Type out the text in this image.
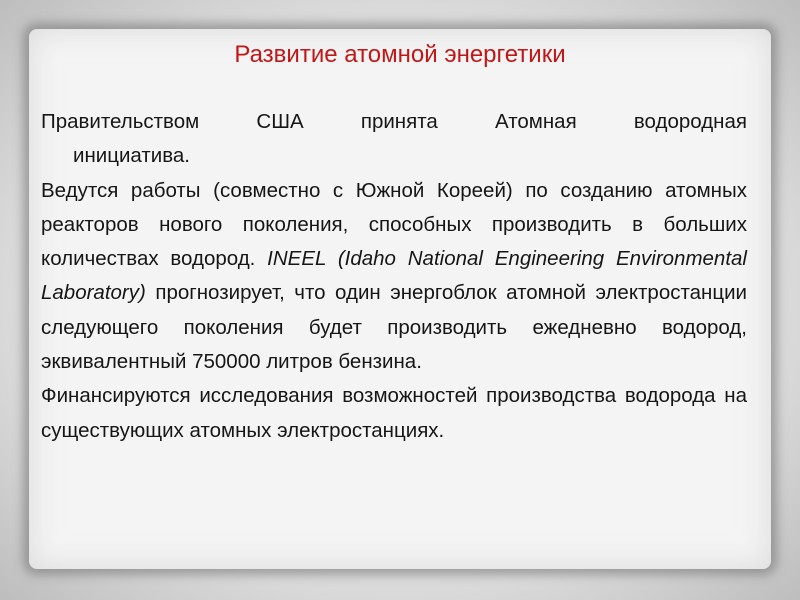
Развитие атомной энергетики
Правительством США принята Атомная водородная
инициатива.
Ведутся работы (совместно с Южной Кореей) по созданию атомных реакторов нового поколения, способных производить в больших количествах водород. INEEL (Idaho National Engineering Environmental Laboratory) прогнозирует, что один энергоблок атомной электростанции следующего поколения будет производить ежедневно водород, эквивалентный 750000 литров бензина.
Финансируются исследования возможностей производства водорода на существующих атомных электростанциях.
